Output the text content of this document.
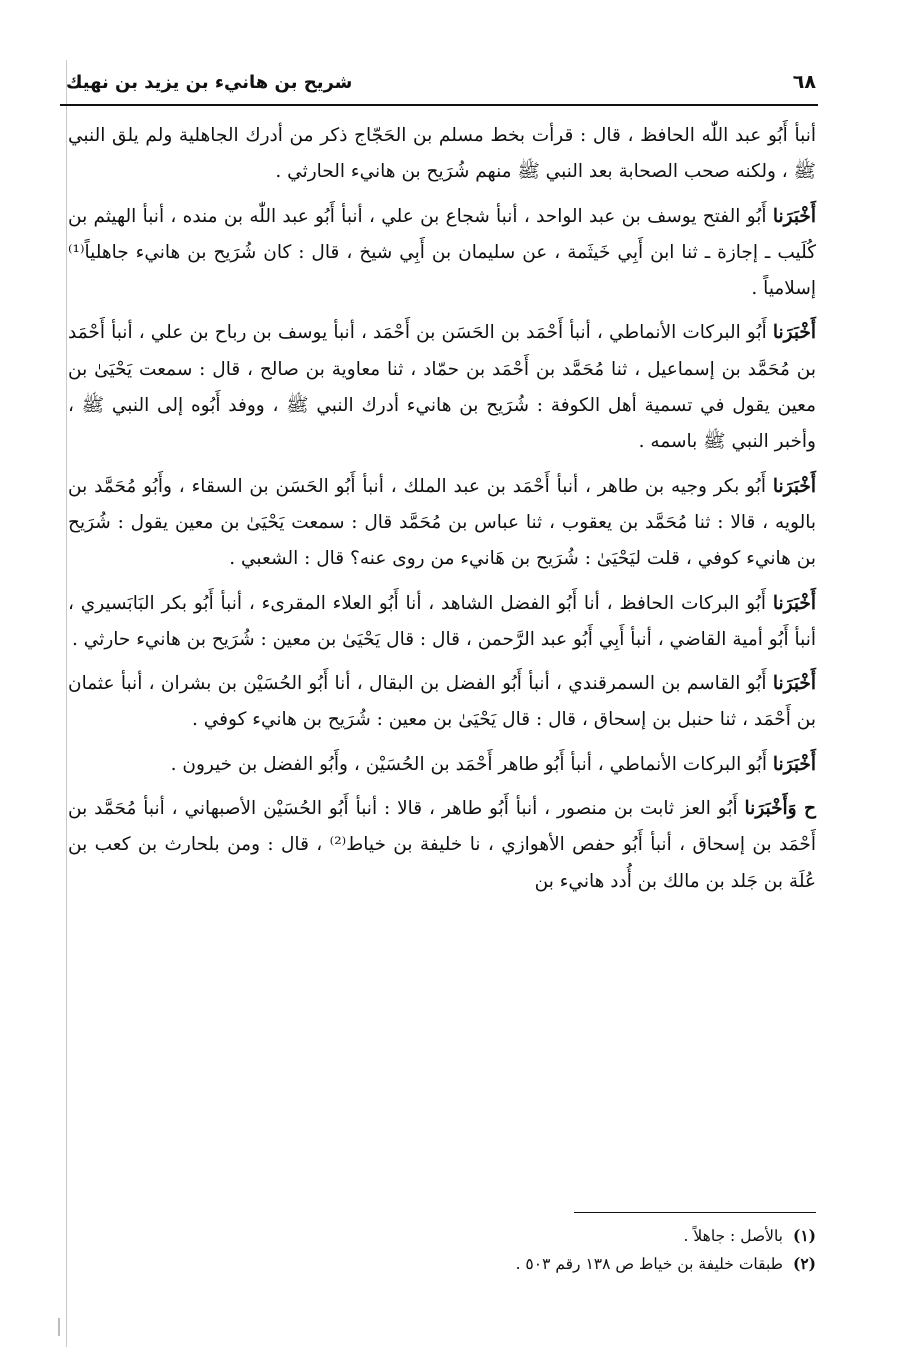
٦٨
شريح بن هانيء بن يزيد بن نهيك

أنبأ أَبُو عبد اللّٰه الحافظ ، قال : قرأت بخط مسلم بن الحَجّاج ذكر من أدرك الجاهلية ولم يلق النبي ﷺ ، ولكنه صحب الصحابة بعد النبي ﷺ منهم شُرَيح بن هانيء الحارثي .

أَخْبَرَنا أَبُو الفتح يوسف بن عبد الواحد ، أنبأ شجاع بن علي ، أنبأ أَبُو عبد اللّٰه بن منده ، أنبأ الهيثم بن كُلَيب ـ إجازة ـ ثنا ابن أَبِي خَيثَمة ، عن سليمان بن أَبِي شيخ ، قال : كان شُرَيح بن هانيء جاهلياً⁽¹⁾ إسلامياً .

أَخْبَرَنا أَبُو البركات الأنماطي ، أنبأ أَحْمَد بن الحَسَن بن أَحْمَد ، أنبأ يوسف بن رباح بن علي ، أنبأ أَحْمَد بن مُحَمَّد بن إسماعيل ، ثنا مُحَمَّد بن أَحْمَد بن حمّاد ، ثنا معاوية بن صالح ، قال : سمعت يَحْيَىٰ بن معين يقول في تسمية أهل الكوفة : شُرَيح بن هانيء أدرك النبي ﷺ ، ووفد أَبُوه إلى النبي ﷺ ، وأخبر النبي ﷺ باسمه .

أَخْبَرَنا أَبُو بكر وجيه بن طاهر ، أنبأ أَحْمَد بن عبد الملك ، أنبأ أَبُو الحَسَن بن السقاء ، وأَبُو مُحَمَّد بن بالويه ، قالا : ثنا مُحَمَّد بن يعقوب ، ثنا عباس بن مُحَمَّد قال : سمعت يَحْيَىٰ بن معين يقول : شُرَيح بن هانيء كوفي ، قلت ليَحْيَىٰ : شُرَيح بن هَانيء من روى عنه؟ قال : الشعبي .

أَخْبَرَنا أَبُو البركات الحافظ ، أنا أَبُو الفضل الشاهد ، أنا أَبُو العلاء المقرىء ، أنبأ أَبُو بكر البَابَسيري ، أنبأ أَبُو أمية القاضي ، أنبأ أَبِي أَبُو عبد الرَّحمن ، قال : قال يَحْيَىٰ بن معين : شُرَيح بن هانيء حارثي .

أَخْبَرَنا أَبُو القاسم بن السمرقندي ، أنبأ أَبُو الفضل بن البقال ، أنا أَبُو الحُسَيْن بن بشران ، أنبأ عثمان بن أَحْمَد ، ثنا حنبل بن إسحاق ، قال : قال يَحْيَىٰ بن معين : شُرَيح بن هانيء كوفي .

أَخْبَرَنا أَبُو البركات الأنماطي ، أنبأ أَبُو طاهر أَحْمَد بن الحُسَيْن ، وأَبُو الفضل بن خيرون .

ح وَأَخْبَرَنا أَبُو العز ثابت بن منصور ، أنبأ أَبُو طاهر ، قالا : أنبأ أَبُو الحُسَيْن الأصبهاني ، أنبأ مُحَمَّد بن أَحْمَد بن إسحاق ، أنبأ أَبُو حفص الأهوازي ، نا خليفة بن خياط⁽²⁾ ، قال : ومن بلحارث بن كعب بن عُلَة بن جَلد بن مالك بن أُدد هانيء بن

(١)
بالأصل : جاهلاً .
(٢)
طبقات خليفة بن خياط ص ١٣٨ رقم ٥٠٣ .
